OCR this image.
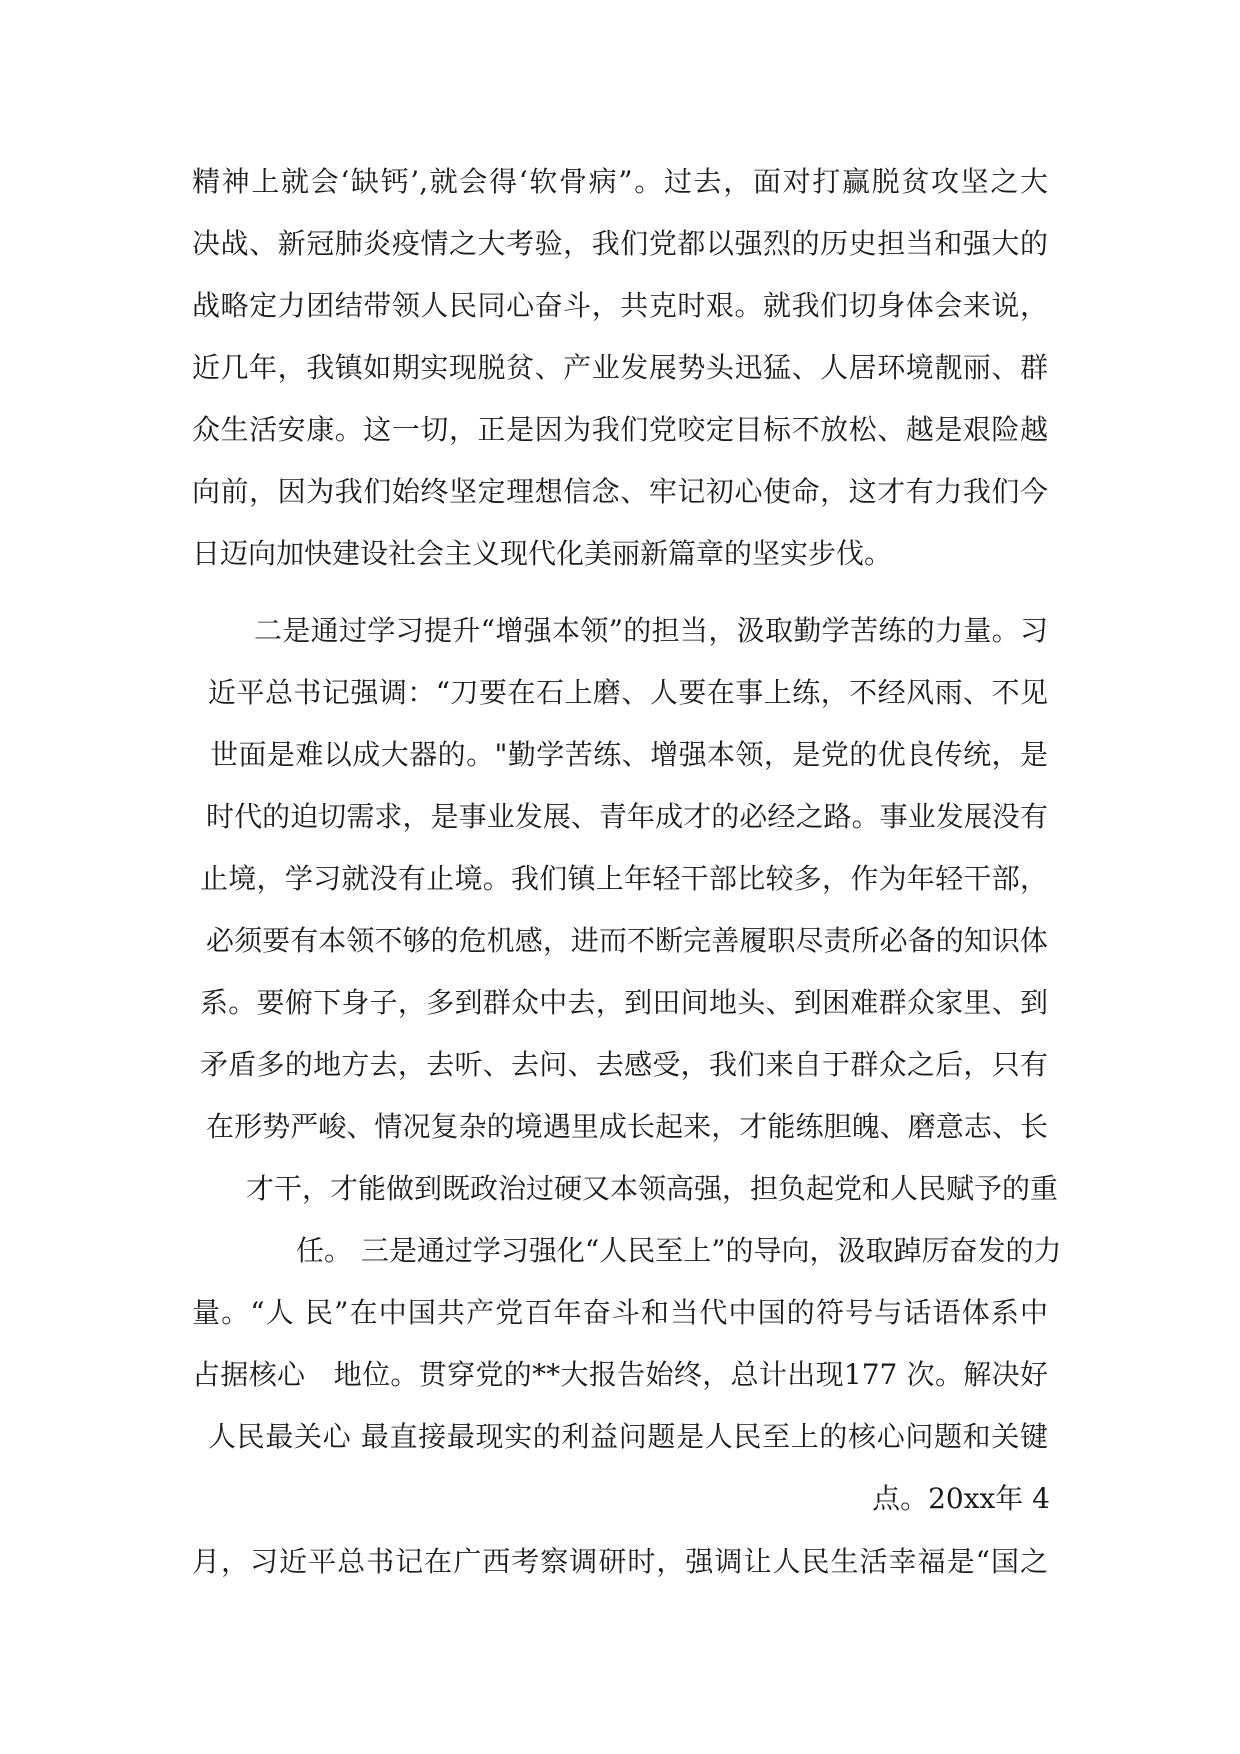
精神上就会‘缺钙’,就会得‘软骨病”。过去，面对打赢脱贫攻坚之大

决战、新冠肺炎疫情之大考验，我们党都以强烈的历史担当和强大的

战略定力团结带领人民同心奋斗，共克时艰。就我们切身体会来说，

近几年，我镇如期实现脱贫、产业发展势头迅猛、人居环境靓丽、群

众生活安康。这一切，正是因为我们党咬定目标不放松、越是艰险越

向前，因为我们始终坚定理想信念、牢记初心使命，这才有力我们今

日迈向加快建设社会主义现代化美丽新篇章的坚实步伐。

二是通过学习提升“增强本领”的担当，汲取勤学苦练的力量。习

近平总书记强调：“刀要在石上磨、人要在事上练，不经风雨、不见

世面是难以成大器的。"勤学苦练、增强本领，是党的优良传统，是

时代的迫切需求，是事业发展、青年成才的必经之路。事业发展没有

止境，学习就没有止境。我们镇上年轻干部比较多，作为年轻干部，

必须要有本领不够的危机感，进而不断完善履职尽责所必备的知识体

系。要俯下身子，多到群众中去，到田间地头、到困难群众家里、到

矛盾多的地方去，去听、去问、去感受，我们来自于群众之后，只有

在形势严峻、情况复杂的境遇里成长起来，才能练胆魄、磨意志、长

才干，才能做到既政治过硬又本领高强，担负起党和人民赋予的重

任。 三是通过学习强化“人民至上”的导向，汲取踔厉奋发的力

量。“人 民”在中国共产党百年奋斗和当代中国的符号与话语体系中

占据核心　地位。贯穿党的**大报告始终，总计出现177 次。解决好

人民最关心 最直接最现实的利益问题是人民至上的核心问题和关键

点。20xx年 4

月，习近平总书记在广西考察调研时，强调让人民生活幸福是“国之
